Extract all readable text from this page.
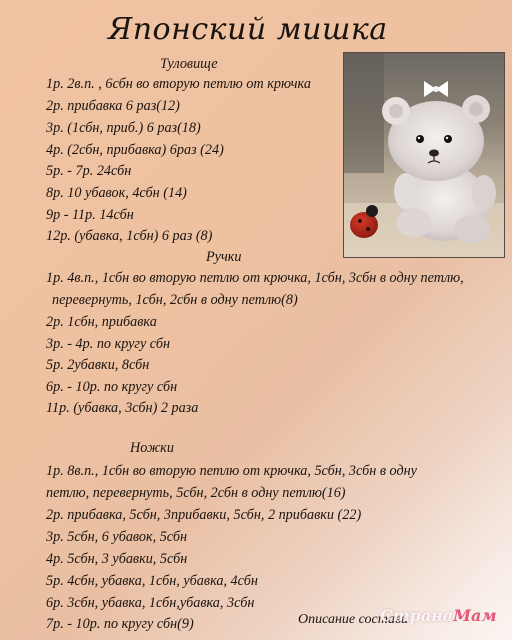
Японский мишка
Туловище
1р. 2в.п. , 6сбн во вторую петлю от крючка
2р. прибавка 6 раз(12)
3р. (1сбн, приб.) 6 раз(18)
4р. (2сбн, прибавка) 6раз (24)
5р. - 7р. 24сбн
8р. 10 убавок, 4сбн (14)
9р - 11р. 14сбн
12р. (убавка, 1сбн) 6 раз (8)
Ручки
1р. 4в.п., 1сбн во вторую петлю от крючка, 1сбн, 3сбн в одну петлю,
перевернуть, 1сбн, 2сбн в одну петлю(8)
2р. 1сбн, прибавка
3р. - 4р. по кругу сбн
5р. 2убавки, 8сбн
6р. - 10р. по кругу сбн
11р. (убавка, 3сбн) 2 раза
Ножки
1р. 8в.п., 1сбн во вторую петлю от крючка, 5сбн, 3сбн в одну
петлю, перевернуть, 5сбн, 2сбн в одну петлю(16)
2р. прибавка, 5сбн, 3прибавки, 5сбн, 2 прибавки (22)
3р. 5сбн, 6 убавок, 5сбн
4р. 5сбн, 3 убавки, 5сбн
5р. 4сбн, убавка, 1сбн, убавка, 4сбн
6р. 3сбн, убавка, 1сбн,убавка, 3сбн
7р. - 10р. по кругу сбн(9)	Описание состави
СтранаМам
